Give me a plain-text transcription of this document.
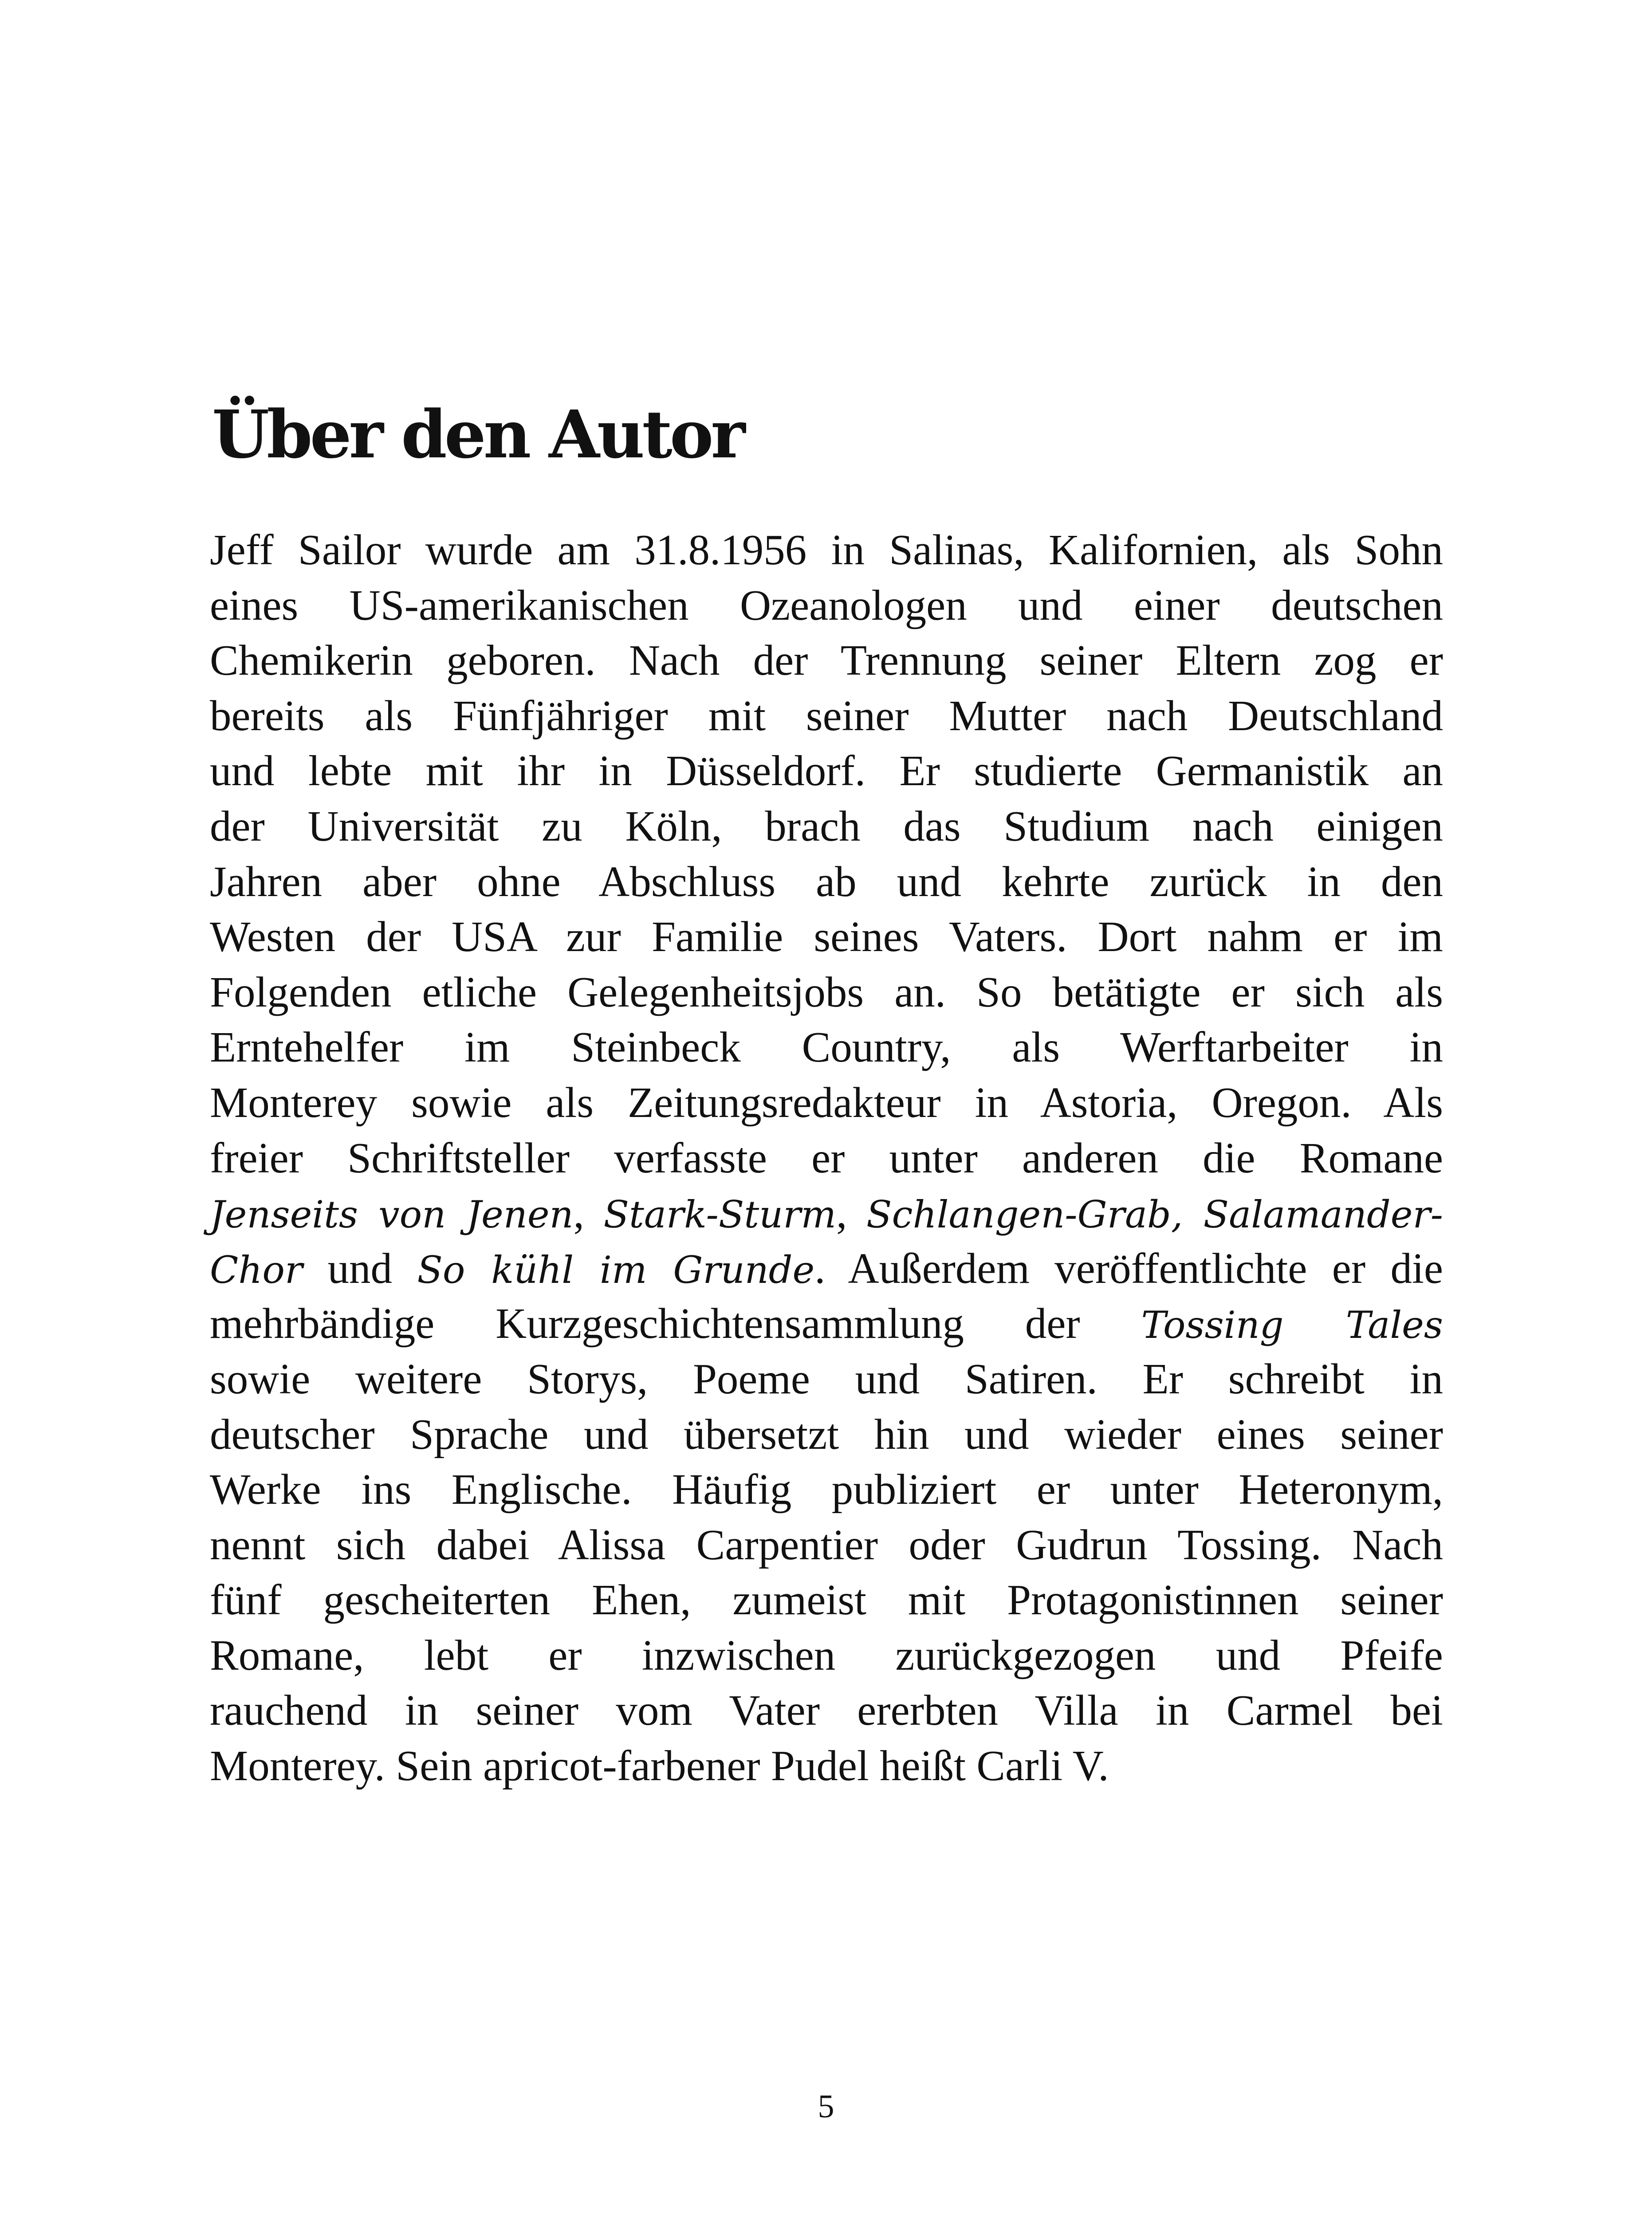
Über den Autor
Jeff Sailor wurde am 31.8.1956 in Salinas, Kalifornien, als Sohn
eines US-amerikanischen Ozeanologen und einer deutschen
Chemikerin geboren. Nach der Trennung seiner Eltern zog er
bereits als Fünfjähriger mit seiner Mutter nach Deutschland
und lebte mit ihr in Düsseldorf. Er studierte Germanistik an
der Universität zu Köln, brach das Studium nach einigen
Jahren aber ohne Abschluss ab und kehrte zurück in den
Westen der USA zur Familie seines Vaters. Dort nahm er im
Folgenden etliche Gelegenheitsjobs an. So betätigte er sich als
Erntehelfer im Steinbeck Country, als Werftarbeiter in
Monterey sowie als Zeitungsredakteur in Astoria, Oregon. Als
freier Schriftsteller verfasste er unter anderen die Romane
Jenseits von Jenen, Stark-Sturm, Schlangen-Grab, Salamander-
Chor und So kühl im Grunde. Außerdem veröffentlichte er die
mehrbändige Kurzgeschichtensammlung der Tossing Tales
sowie weitere Storys, Poeme und Satiren. Er schreibt in
deutscher Sprache und übersetzt hin und wieder eines seiner
Werke ins Englische. Häufig publiziert er unter Heteronym,
nennt sich dabei Alissa Carpentier oder Gudrun Tossing. Nach
fünf gescheiterten Ehen, zumeist mit Protagonistinnen seiner
Romane, lebt er inzwischen zurückgezogen und Pfeife
rauchend in seiner vom Vater ererbten Villa in Carmel bei
Monterey. Sein apricot-farbener Pudel heißt Carli V.
5
